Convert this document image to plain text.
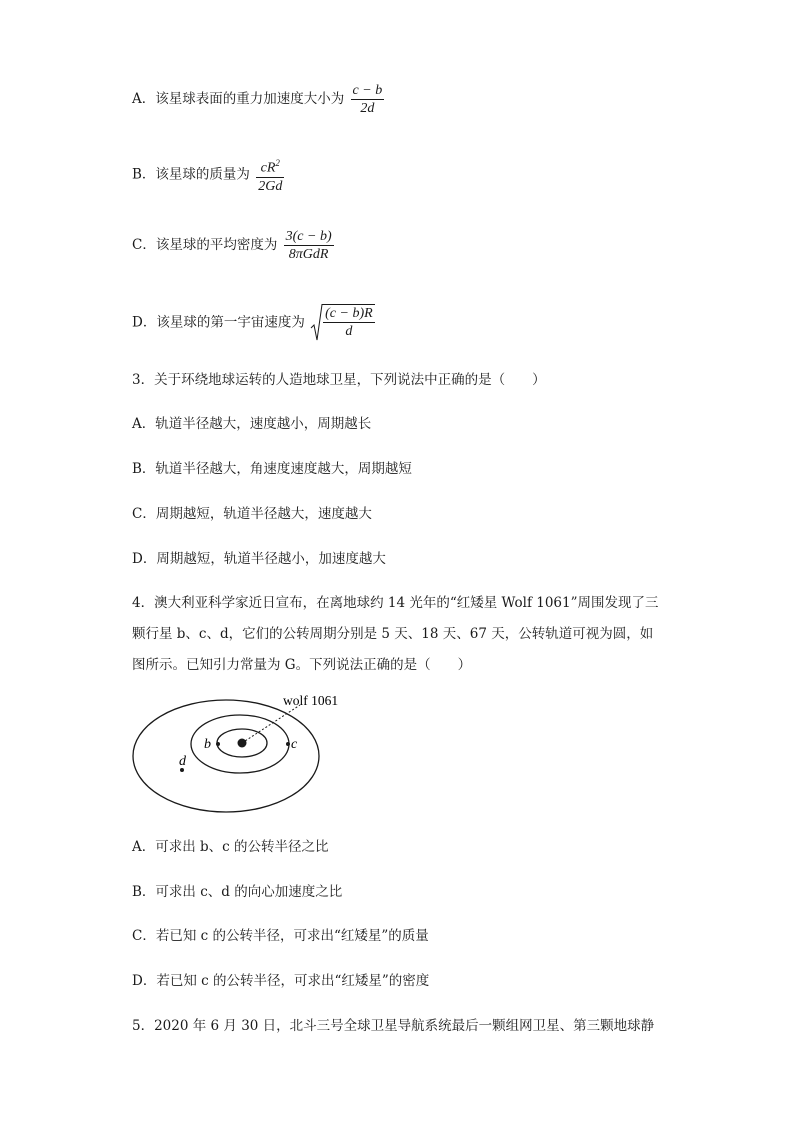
A．该星球表面的重力加速度大小为 $\frac{c - b}{2d}$
B．该星球的质量为 $\frac{cR^2}{2Gd}$
C．该星球的平均密度为 $\frac{3(c - b)}{\text{8πGdR}}$
D．该星球的第一宇宙速度为 $\frac{(c - b)R}{d}$
3．关于环绕地球运转的人造地球卫星，下列说法中正确的是（　　）
A．轨道半径越大，速度越小，周期越长
B．轨道半径越大，角速度速度越大，周期越短
C．周期越短，轨道半径越大，速度越大
D．周期越短，轨道半径越小，加速度越大
4．澳大利亚科学家近日宣布，在离地球约 14 光年的“红矮星 Wolf 1061”周围发现了三
颗行星 b、c、d，它们的公转周期分别是 5 天、18 天、67 天，公转轨道可视为圆，如
图所示。已知引力常量为 G。下列说法正确的是（　　）
wolf 1061
b	c
d
A．可求出 b、c 的公转半径之比
B．可求出 c、d 的向心加速度之比
C．若已知 c 的公转半径，可求出“红矮星”的质量
D．若已知 c 的公转半径，可求出“红矮星”的密度
5．2020 年 6 月 30 日，北斗三号全球卫星导航系统最后一颗组网卫星、第三颗地球静
